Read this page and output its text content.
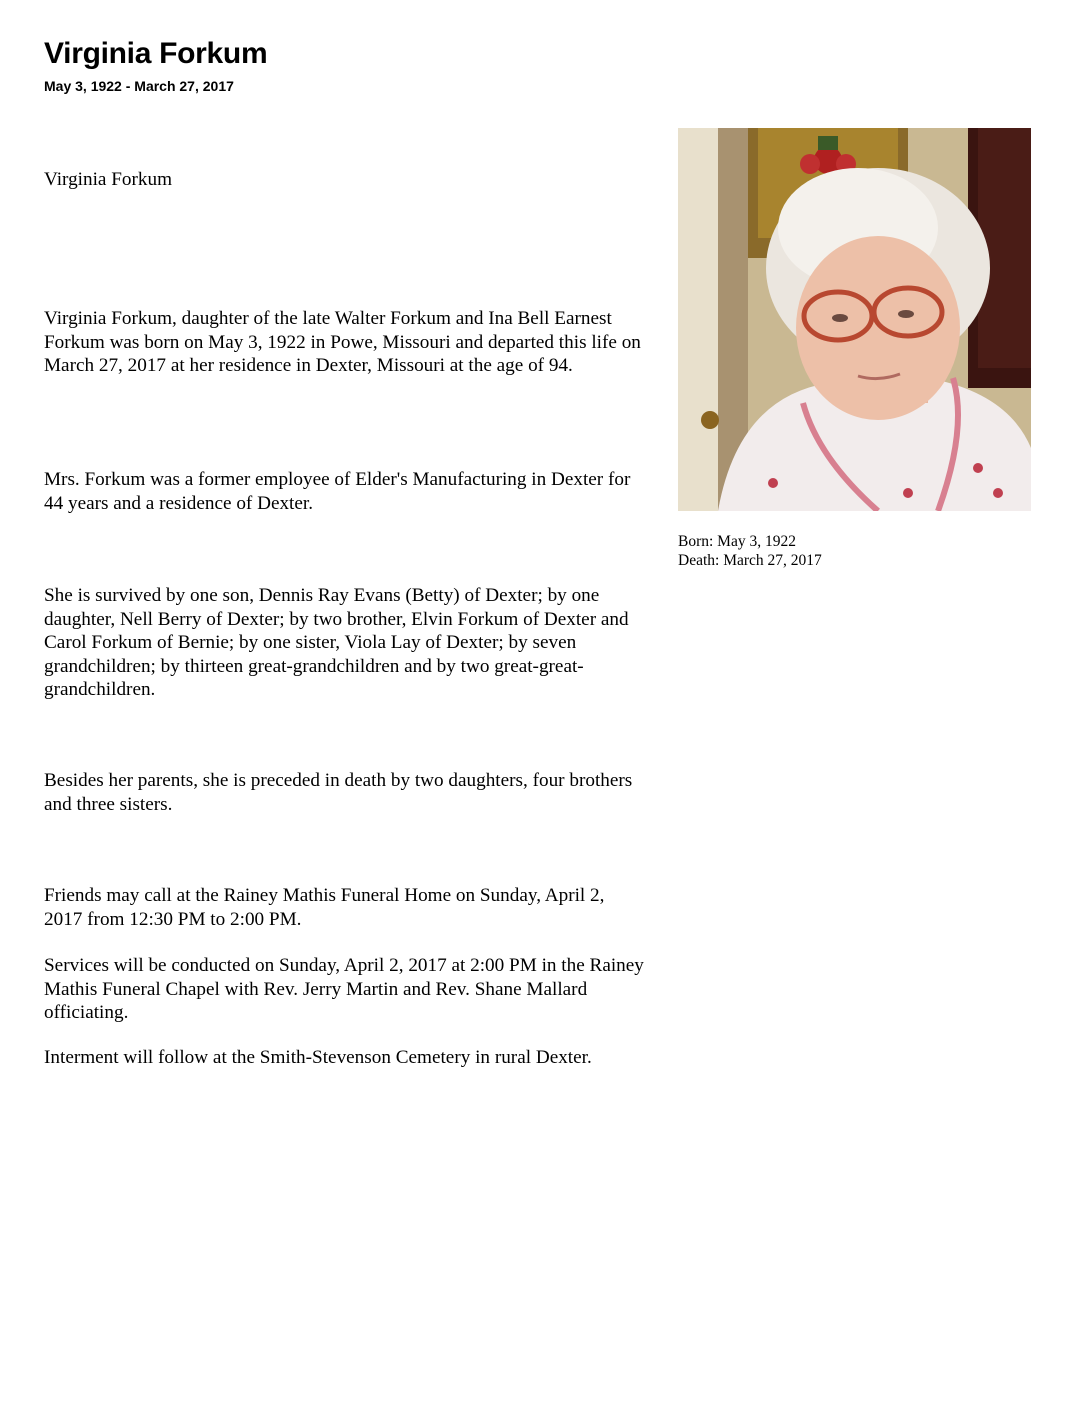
Virginia Forkum
May 3, 1922 - March 27, 2017

Virginia Forkum

Virginia Forkum, daughter of the late Walter Forkum and Ina Bell Earnest Forkum was born on May 3, 1922 in Powe, Missouri and departed this life on March 27, 2017 at her residence in Dexter, Missouri at the age of 94.

Mrs. Forkum was a former employee of Elder's Manufacturing in Dexter for 44 years and a residence of Dexter.

She is survived by one son, Dennis Ray Evans (Betty) of Dexter; by one daughter, Nell Berry of Dexter; by two brother, Elvin Forkum of Dexter and Carol Forkum of Bernie; by one sister, Viola Lay of Dexter; by seven grandchildren; by thirteen great-grandchildren and by two great-great-grandchildren.

Besides her parents, she is preceded in death by two daughters, four brothers and three sisters.

Friends may call at the Rainey Mathis Funeral Home on Sunday, April 2, 2017 from 12:30 PM to 2:00 PM.

Services will be conducted on Sunday, April 2, 2017 at 2:00 PM in the Rainey Mathis Funeral Chapel with Rev. Jerry Martin and Rev. Shane Mallard officiating.

Interment will follow at the Smith-Stevenson Cemetery in rural Dexter.

Born: May 3, 1922
Death: March 27, 2017
